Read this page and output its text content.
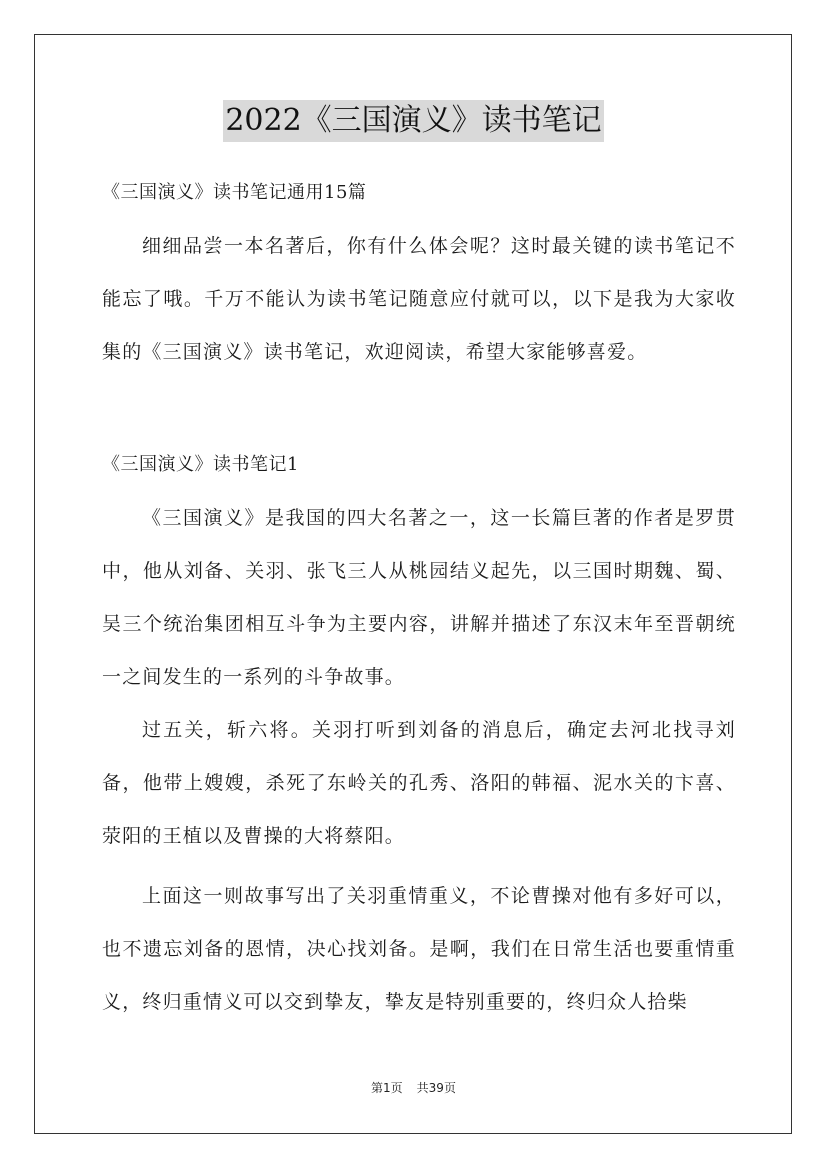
2022《三国演义》读书笔记
《三国演义》读书笔记通用15篇

细细品尝一本名著后，你有什么体会呢？这时最关键的读书笔记不能忘了哦。千万不能认为读书笔记随意应付就可以，以下是我为大家收集的《三国演义》读书笔记，欢迎阅读，希望大家能够喜爱。

《三国演义》读书笔记1

《三国演义》是我国的四大名著之一，这一长篇巨著的作者是罗贯中，他从刘备、关羽、张飞三人从桃园结义起先，以三国时期魏、蜀、吴三个统治集团相互斗争为主要内容，讲解并描述了东汉末年至晋朝统一之间发生的一系列的斗争故事。

过五关，斩六将。关羽打听到刘备的消息后，确定去河北找寻刘备，他带上嫂嫂，杀死了东岭关的孔秀、洛阳的韩福、泥水关的卞喜、荥阳的王植以及曹操的大将蔡阳。

上面这一则故事写出了关羽重情重义，不论曹操对他有多好可以，也不遗忘刘备的恩情，决心找刘备。是啊，我们在日常生活也要重情重义，终归重情义可以交到挚友，挚友是特别重要的，终归众人拾柴

第1页 共39页
